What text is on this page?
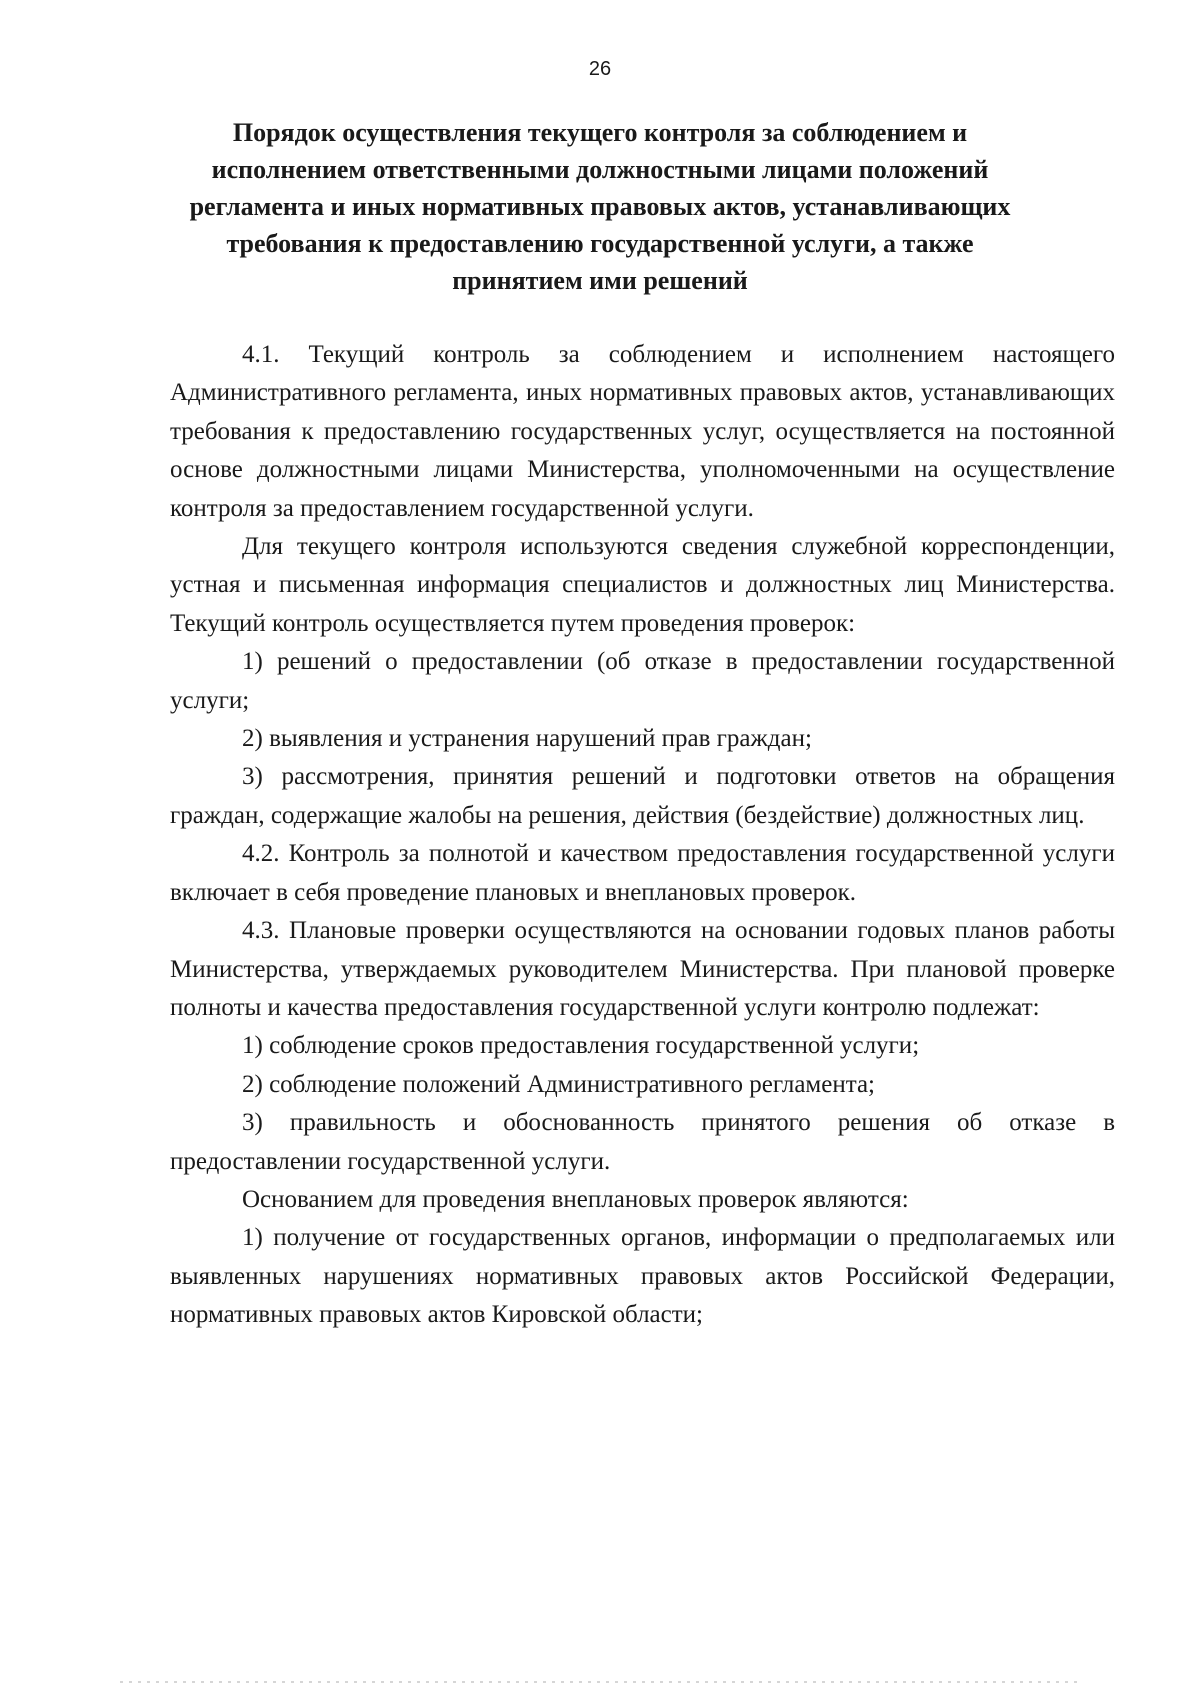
26
Порядок осуществления текущего контроля за соблюдением и
исполнением ответственными должностными лицами положений
регламента и иных нормативных правовых актов, устанавливающих
требования к предоставлению государственной услуги, а также
принятием ими решений

4.1. Текущий контроль за соблюдением и исполнением настоящего Административного регламента, иных нормативных правовых актов, устанавливающих требования к предоставлению государственных услуг, осуществляется на постоянной основе должностными лицами Министерства, уполномоченными на осуществление контроля за предоставлением государственной услуги.

Для текущего контроля используются сведения служебной корреспонденции, устная и письменная информация специалистов и должностных лиц Министерства. Текущий контроль осуществляется путем проведения проверок:

1) решений о предоставлении (об отказе в предоставлении государственной услуги;

2) выявления и устранения нарушений прав граждан;

3) рассмотрения, принятия решений и подготовки ответов на обращения граждан, содержащие жалобы на решения, действия (бездействие) должностных лиц.

4.2. Контроль за полнотой и качеством предоставления государственной услуги включает в себя проведение плановых и внеплановых проверок.

4.3. Плановые проверки осуществляются на основании годовых планов работы Министерства, утверждаемых руководителем Министерства. При плановой проверке полноты и качества предоставления государственной услуги контролю подлежат:

1) соблюдение сроков предоставления государственной услуги;

2) соблюдение положений Административного регламента;

3) правильность и обоснованность принятого решения об отказе в предоставлении государственной услуги.

Основанием для проведения внеплановых проверок являются:

1) получение от государственных органов, информации о предполагаемых или выявленных нарушениях нормативных правовых актов Российской Федерации, нормативных правовых актов Кировской области;
